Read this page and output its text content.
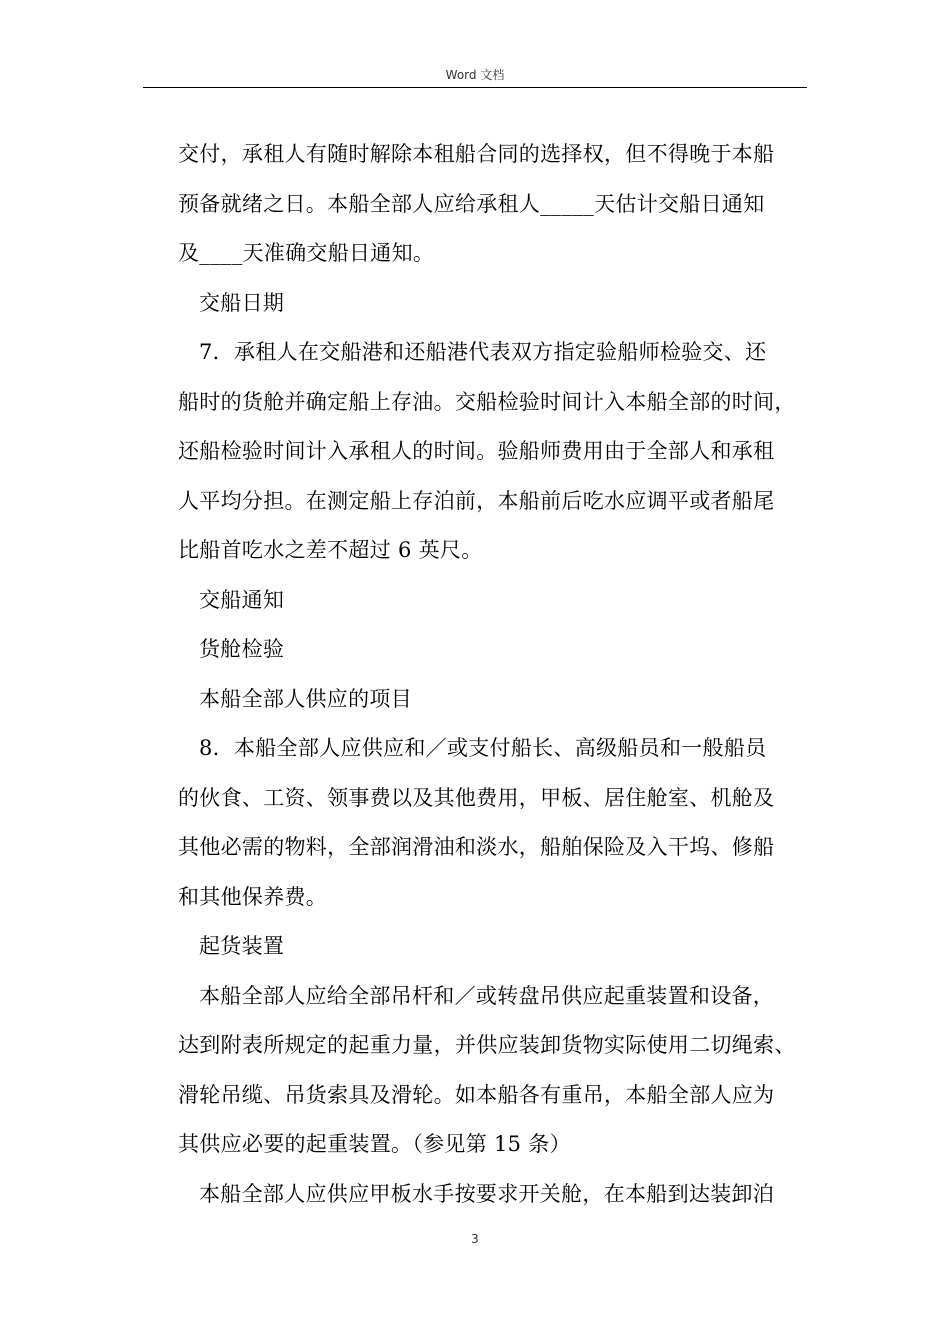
Word 文档
交付，承租人有随时解除本租船合同的选择权，但不得晚于本船
预备就绪之日。本船全部人应给承租人_____天估计交船日通知
及____天准确交船日通知。
交船日期
7．承租人在交船港和还船港代表双方指定验船师检验交、还
船时的货舱并确定船上存油。交船检验时间计入本船全部的时间，
还船检验时间计入承租人的时间。验船师费用由于全部人和承租
人平均分担。在测定船上存泊前，本船前后吃水应调平或者船尾
比船首吃水之差不超过 6 英尺。
交船通知
货舱检验
本船全部人供应的项目
8．本船全部人应供应和／或支付船长、高级船员和一般船员
的伙食、工资、领事费以及其他费用，甲板、居住舱室、机舱及
其他必需的物料，全部润滑油和淡水，船舶保险及入干坞、修船
和其他保养费。
起货装置
本船全部人应给全部吊杆和／或转盘吊供应起重装置和设备，
达到附表所规定的起重力量，并供应装卸货物实际使用二切绳索、
滑轮吊缆、吊货索具及滑轮。如本船各有重吊，本船全部人应为
其供应必要的起重装置。（参见第 15 条）
本船全部人应供应甲板水手按要求开关舱，在本船到达装卸泊
3
